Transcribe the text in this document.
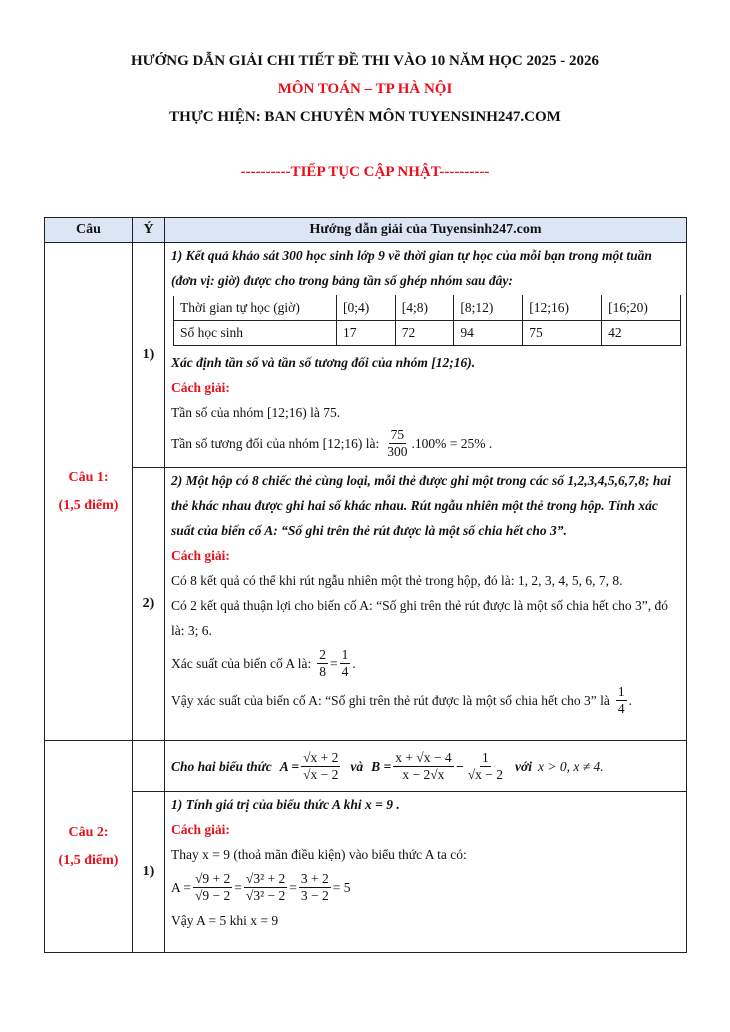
HƯỚNG DẪN GIẢI CHI TIẾT ĐỀ THI VÀO 10 NĂM HỌC 2025 - 2026
MÔN TOÁN – TP HÀ NỘI
THỰC HIỆN: BAN CHUYÊN MÔN TUYENSINH247.COM
----------TIẾP TỤC CẬP NHẬT----------
Câu	Ý	Hướng dẫn giải của Tuyensinh247.com

Câu 1:
(1,5 điểm)
	1)	
1) Kết quả khảo sát 300 học sinh lớp 9 về thời gian tự học của mỗi bạn trong một tuần (đơn vị: giờ) được cho trong bảng tần số ghép nhóm sau đây:
Thời gian tự học (giờ)	[0;4)	[4;8)	[8;12)	[12;16)	[16;20)
Số học sinh	17	72	94	75	42
Xác định tần số và tần số tương đối của nhóm [12;16).
Cách giải:
Tần số của nhóm [12;16) là 75.
Tần số tương đối của nhóm [12;16) là: $\frac{75}{300} .100\% = 25\%$ .

2)	
2) Một hộp có 8 chiếc thẻ cùng loại, mỗi thẻ được ghi một trong các số 1,2,3,4,5,6,7,8; hai thẻ khác nhau được ghi hai số khác nhau. Rút ngẫu nhiên một thẻ trong hộp. Tính xác suất của biến cố A: “Số ghi trên thẻ rút được là một số chia hết cho 3”.
Cách giải:
Có 8 kết quả có thể khi rút ngẫu nhiên một thẻ trong hộp, đó là: 1, 2, 3, 4, 5, 6, 7, 8.
Có 2 kết quả thuận lợi cho biến cố A: “Số ghi trên thẻ rút được là một số chia hết cho 3”, đó là: 3; 6.
Xác suất của biến cố A là: $\frac{2}{8} = \frac{1}{4}$ .
Vậy xác suất của biến cố A: “Số ghi trên thẻ rút được là một số chia hết cho 3” là $\frac{1}{4}$ .

Câu 2:
(1,5 điểm)

Cho hai biểu thức $A = \frac{√x + 2}{√x - 2}$ và $B = \frac{x + √x - 4}{x - 2√x} - \frac{1}{√x - 2}$ với x > 0, x ≠ 4.

1)	
1) Tính giá trị của biểu thức A khi x = 9 .
Cách giải:
Thay x = 9 (thoả mãn điều kiện) vào biểu thức A ta có:
$A = \frac{√9 + 2}{√9 - 2} = \frac{\text{√3² + 2}}{\text{√3² − 2}} = \frac{3 + 2}{3 - 2} = 5$
Vậy A = 5 khi x = 9
